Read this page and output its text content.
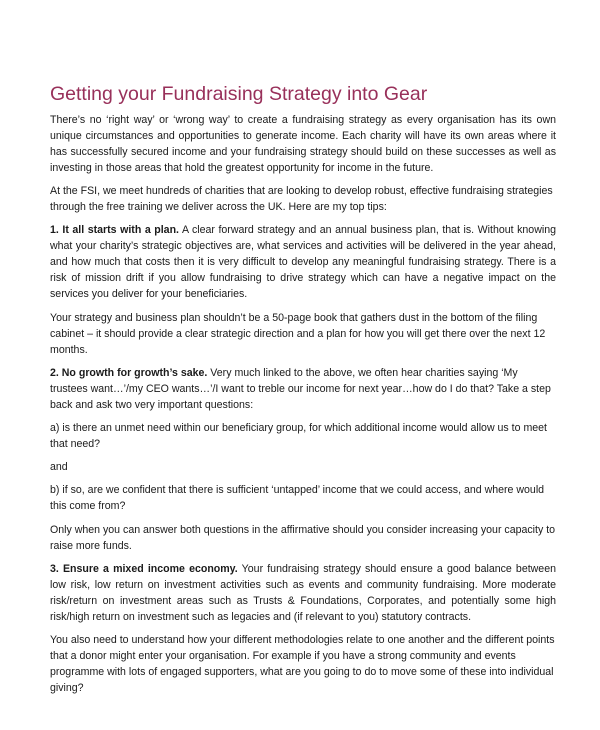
Getting your Fundraising Strategy into Gear

There’s no ‘right way’ or ‘wrong way’ to create a fundraising strategy as every organisation has its own unique circumstances and opportunities to generate income. Each charity will have its own areas where it has successfully secured income and your fundraising strategy should build on these successes as well as investing in those areas that hold the greatest opportunity for income in the future.

At the FSI, we meet hundreds of charities that are looking to develop robust, effective fundraising strategies through the free training we deliver across the UK. Here are my top tips:

1. It all starts with a plan. A clear forward strategy and an annual business plan, that is. Without knowing what your charity’s strategic objectives are, what services and activities will be delivered in the year ahead, and how much that costs then it is very difficult to develop any meaningful fundraising strategy. There is a risk of mission drift if you allow fundraising to drive strategy which can have a negative impact on the services you deliver for your beneficiaries.

Your strategy and business plan shouldn’t be a 50-page book that gathers dust in the bottom of the filing cabinet – it should provide a clear strategic direction and a plan for how you will get there over the next 12 months.

2. No growth for growth’s sake. Very much linked to the above, we often hear charities saying ‘My trustees want…’/my CEO wants…’/I want to treble our income for next year…how do I do that? Take a step back and ask two very important questions:

a) is there an unmet need within our beneficiary group, for which additional income would allow us to meet that need?

and

b) if so, are we confident that there is sufficient ‘untapped’ income that we could access, and where would this come from?

Only when you can answer both questions in the affirmative should you consider increasing your capacity to raise more funds.

3. Ensure a mixed income economy. Your fundraising strategy should ensure a good balance between low risk, low return on investment activities such as events and community fundraising. More moderate risk/return on investment areas such as Trusts & Foundations, Corporates, and potentially some high risk/high return on investment such as legacies and (if relevant to you) statutory contracts.

You also need to understand how your different methodologies relate to one another and the different points that a donor might enter your organisation. For example if you have a strong community and events programme with lots of engaged supporters, what are you going to do to move some of these into individual giving?
